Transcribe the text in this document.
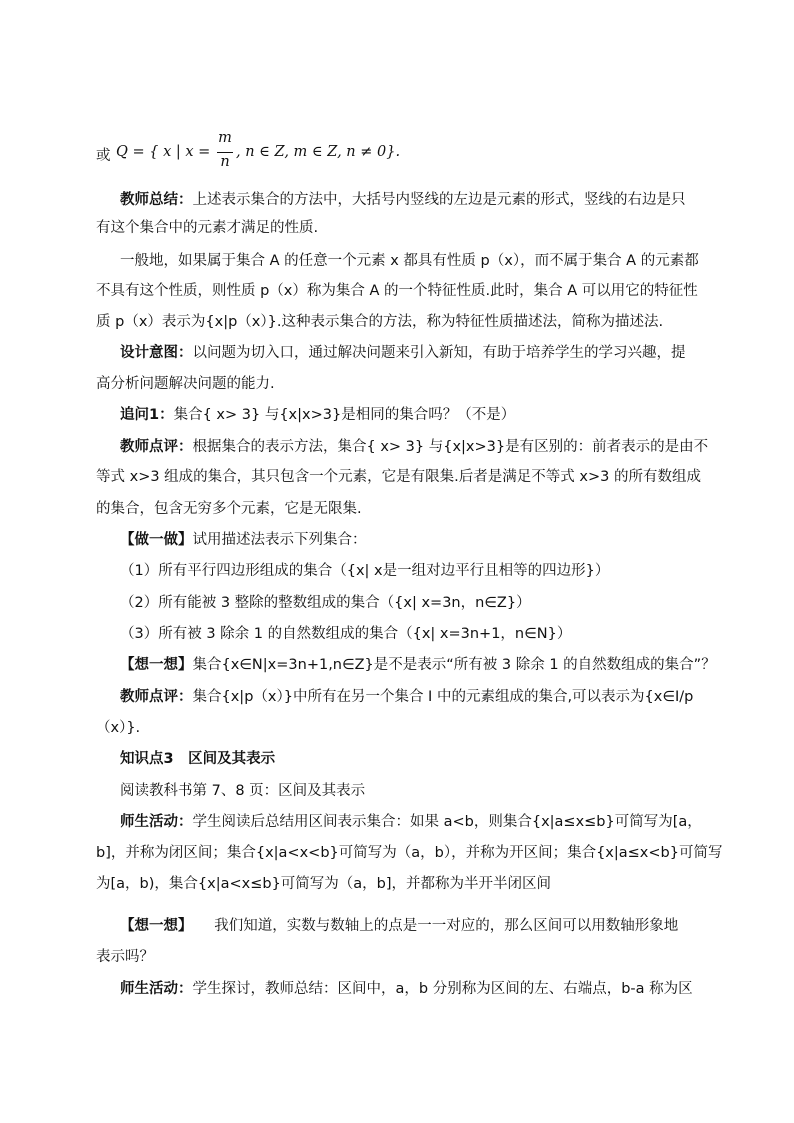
或 Q = { x | x =
m
n
, n ∈ Z, m ∈ Z, n ≠ 0}.
教师总结：上述表示集合的方法中，大括号内竖线的左边是元素的形式，竖线的右边是只
有这个集合中的元素才满足的性质.
一般地，如果属于集合 A 的任意一个元素 x 都具有性质 p（x），而不属于集合 A 的元素都
不具有这个性质，则性质 p（x）称为集合 A 的一个特征性质.此时，集合 A 可以用它的特征性
质 p（x）表示为{x|p（x）}.这种表示集合的方法，称为特征性质描述法，简称为描述法.
设计意图：以问题为切入口，通过解决问题来引入新知，有助于培养学生的学习兴趣，提
高分析问题解决问题的能力.
追问1：集合{ x> 3} 与{x|x>3}是相同的集合吗？（不是）
教师点评：根据集合的表示方法，集合{ x> 3} 与{x|x>3}是有区别的：前者表示的是由不
等式 x>3 组成的集合，其只包含一个元素，它是有限集.后者是满足不等式 x>3 的所有数组成
的集合，包含无穷多个元素，它是无限集.
【做一做】试用描述法表示下列集合：
（1）所有平行四边形组成的集合（{x| x是一组对边平行且相等的四边形}）
（2）所有能被 3 整除的整数组成的集合（{x| x=3n，n∈Z}）
（3）所有被 3 除余 1 的自然数组成的集合（{x| x=3n+1，n∈N}）
【想一想】集合{x∈N|x=3n+1,n∈Z}是不是表示“所有被 3 除余 1 的自然数组成的集合”？
教师点评：集合{x|p（x）}中所有在另一个集合 I 中的元素组成的集合,可以表示为{x∈I/p
（x）}.
知识点3　区间及其表示
阅读教科书第 7、8 页：区间及其表示
师生活动：学生阅读后总结用区间表示集合：如果 a<b，则集合{x|a≤x≤b}可简写为[a，
b]，并称为闭区间；集合{x|a<x<b}可简写为（a，b），并称为开区间；集合{x|a≤x<b}可简写
为[a，b)，集合{x|a<x≤b}可简写为（a，b]，并都称为半开半闭区间
【想一想】　　我们知道，实数与数轴上的点是一一对应的，那么区间可以用数轴形象地
表示吗？
师生活动：学生探讨，教师总结：区间中，a，b 分别称为区间的左、右端点，b-a 称为区
